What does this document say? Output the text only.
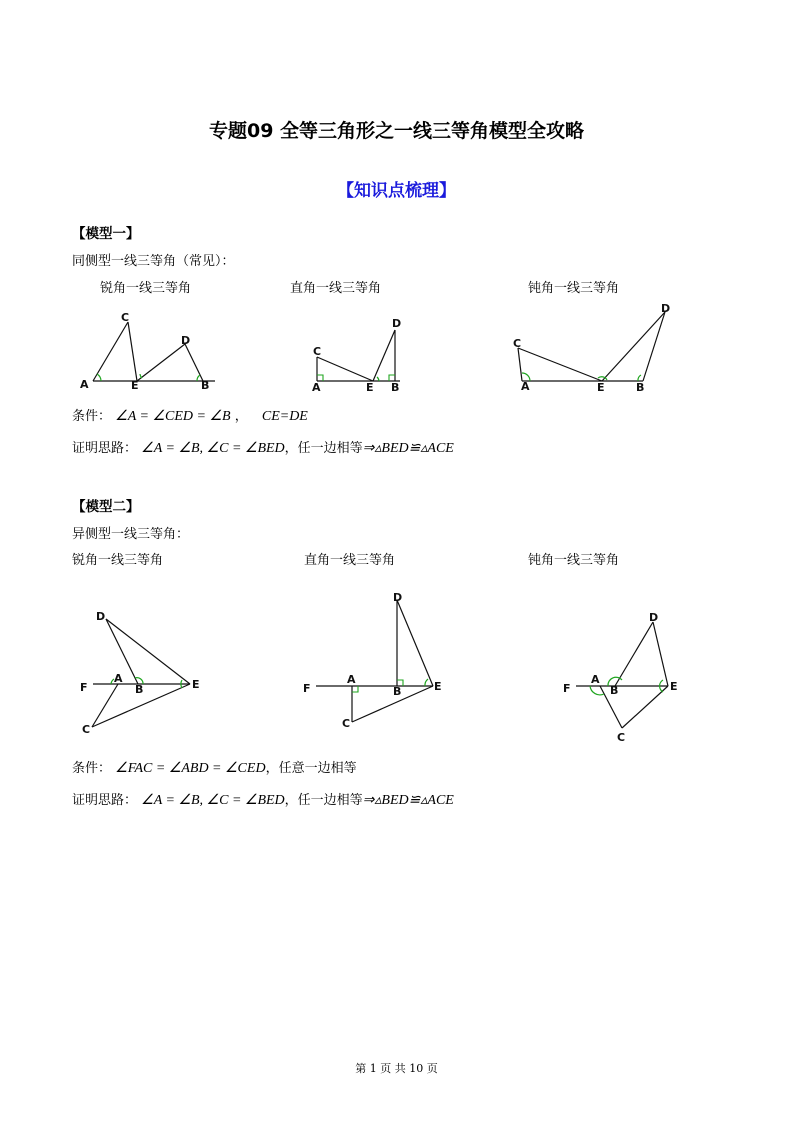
专题09 全等三角形之一线三等角模型全攻略
【知识点梳理】
【模型一】
同侧型一线三等角（常见）：
锐角一线三等角	直角一线三等角	钝角一线三等角
A	E	B
C
D
A	E B
C
D
A	E	B
C
D
条件： ∠A = ∠CED = ∠B ， CE=DE
证明思路： ∠A = ∠B, ∠C = ∠BED，任一边相等⇒▵BED≌▵ACE
【模型二】
异侧型一线三等角：
锐角一线三等角	直角一线三等角	钝角一线三等角
F
A
B	E
D
C
F
A
B	E
D
C
F
A
B	E
D
C
条件： ∠FAC = ∠ABD = ∠CED，任意一边相等
证明思路： ∠A = ∠B, ∠C = ∠BED，任一边相等⇒▵BED≌▵ACE
第 1 页 共 10 页
